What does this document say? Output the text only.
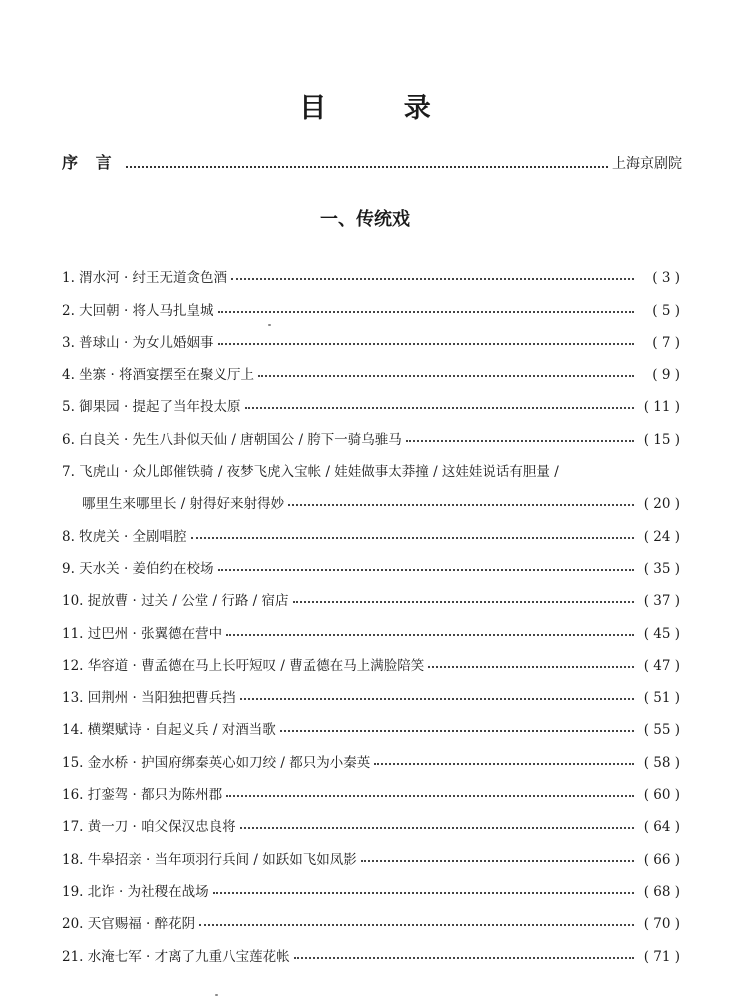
目 录
序 言	上海京剧院
一、传统戏
1. 渭水河 · 纣王无道贪色酒	( 3 )
2. 大回朝 · 将人马扎皇城	( 5 )
3. 普球山 · 为女儿婚姻事	( 7 )
4. 坐寨 · 将酒宴摆至在聚义厅上	( 9 )
5. 御果园 · 提起了当年投太原	( 11 )
6. 白良关 · 先生八卦似天仙 / 唐朝国公 / 胯下一骑乌骓马	( 15 )
7. 飞虎山 · 众儿郎催铁骑 / 夜梦飞虎入宝帐 / 娃娃做事太莽撞 / 这娃娃说话有胆量 /
哪里生来哪里长 / 射得好来射得妙	( 20 )
8. 牧虎关 · 全剧唱腔	( 24 )
9. 天水关 · 姜伯约在校场	( 35 )
10. 捉放曹 · 过关 / 公堂 / 行路 / 宿店	( 37 )
11. 过巴州 · 张翼德在营中	( 45 )
12. 华容道 · 曹孟德在马上长吁短叹 / 曹孟德在马上满脸陪笑	( 47 )
13. 回荆州 · 当阳独把曹兵挡	( 51 )
14. 横槊赋诗 · 自起义兵 / 对酒当歌	( 55 )
15. 金水桥 · 护国府绑秦英心如刀绞 / 都只为小秦英	( 58 )
16. 打銮驾 · 都只为陈州郡	( 60 )
17. 黄一刀 · 咱父保汉忠良将	( 64 )
18. 牛皋招亲 · 当年项羽行兵间 / 如跃如飞如凤影	( 66 )
19. 北诈 · 为社稷在战场	( 68 )
20. 天官赐福 · 醉花阴	( 70 )
21. 水淹七军 · 才离了九重八宝莲花帐	( 71 )
